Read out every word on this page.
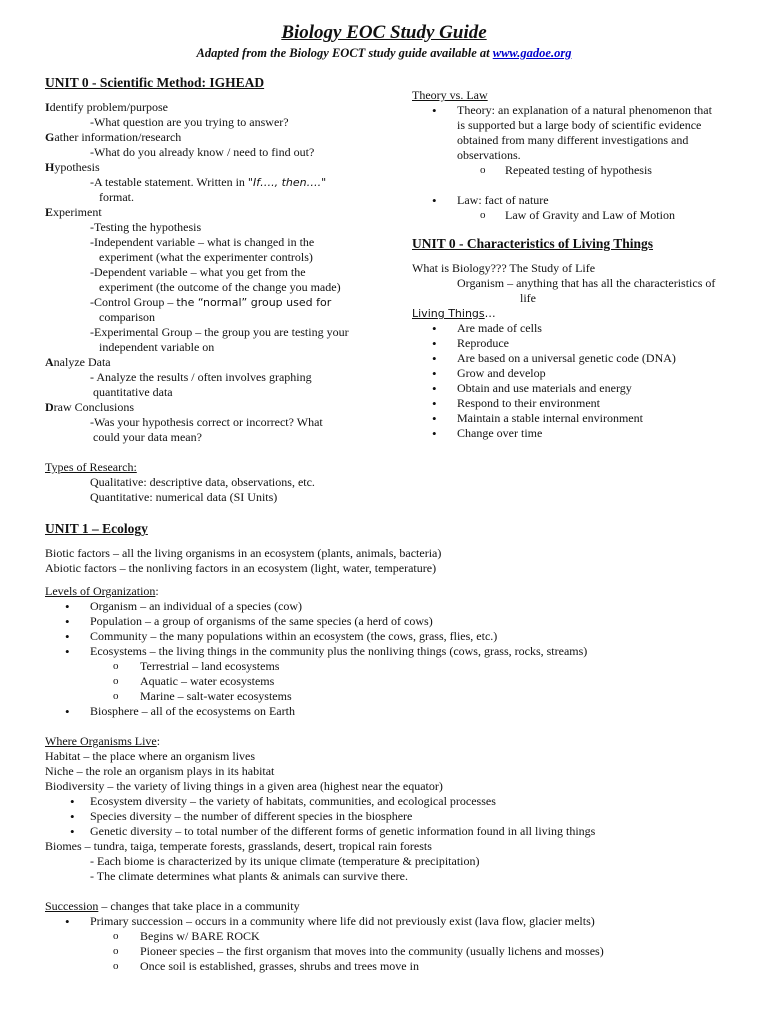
Biology EOC Study Guide
Adapted from the Biology EOCT study guide available at www.gadoe.org
UNIT 0 - Scientific Method: IGHEAD
Identify problem/purpose
-What question are you trying to answer?
Gather information/research
-What do you already know / need to find out?
Hypothesis
-A testable statement. Written in "If…., then…."
format.
Experiment
-Testing the hypothesis
-Independent variable – what is changed in the
experiment (what the experimenter controls)
-Dependent variable – what you get from the
experiment (the outcome of the change you made)
-Control Group – the “normal” group used for
comparison
-Experimental Group – the group you are testing your
independent variable on
Analyze Data
- Analyze the results / often involves graphing
quantitative data
Draw Conclusions
-Was your hypothesis correct or incorrect? What
could your data mean?
Types of Research:
Qualitative: descriptive data, observations, etc.
Quantitative: numerical data (SI Units)
Theory vs. Law
• Theory: an explanation of a natural phenomenon that
is supported but a large body of scientific evidence
obtained from many different investigations and
observations.
o Repeated testing of hypothesis
• Law: fact of nature
o Law of Gravity and Law of Motion
UNIT 0 - Characteristics of Living Things
What is Biology??? The Study of Life
Organism – anything that has all the characteristics of
life
Living Things…
• Are made of cells
• Reproduce
• Are based on a universal genetic code (DNA)
• Grow and develop
• Obtain and use materials and energy
• Respond to their environment
• Maintain a stable internal environment
• Change over time
UNIT 1 – Ecology
Biotic factors – all the living organisms in an ecosystem (plants, animals, bacteria)
Abiotic factors – the nonliving factors in an ecosystem (light, water, temperature)
Levels of Organization:
• Organism – an individual of a species (cow)
• Population – a group of organisms of the same species (a herd of cows)
• Community – the many populations within an ecosystem (the cows, grass, flies, etc.)
• Ecosystems – the living things in the community plus the nonliving things (cows, grass, rocks, streams)
o Terrestrial – land ecosystems
o Aquatic – water ecosystems
o Marine – salt-water ecosystems
• Biosphere – all of the ecosystems on Earth
Where Organisms Live:
Habitat – the place where an organism lives
Niche – the role an organism plays in its habitat
Biodiversity – the variety of living things in a given area (highest near the equator)
• Ecosystem diversity – the variety of habitats, communities, and ecological processes
• Species diversity – the number of different species in the biosphere
• Genetic diversity – to total number of the different forms of genetic information found in all living things
Biomes – tundra, taiga, temperate forests, grasslands, desert, tropical rain forests
- Each biome is characterized by its unique climate (temperature & precipitation)
- The climate determines what plants & animals can survive there.
Succession – changes that take place in a community
• Primary succession – occurs in a community where life did not previously exist (lava flow, glacier melts)
o Begins w/ BARE ROCK
o Pioneer species – the first organism that moves into the community (usually lichens and mosses)
o Once soil is established, grasses, shrubs and trees move in
